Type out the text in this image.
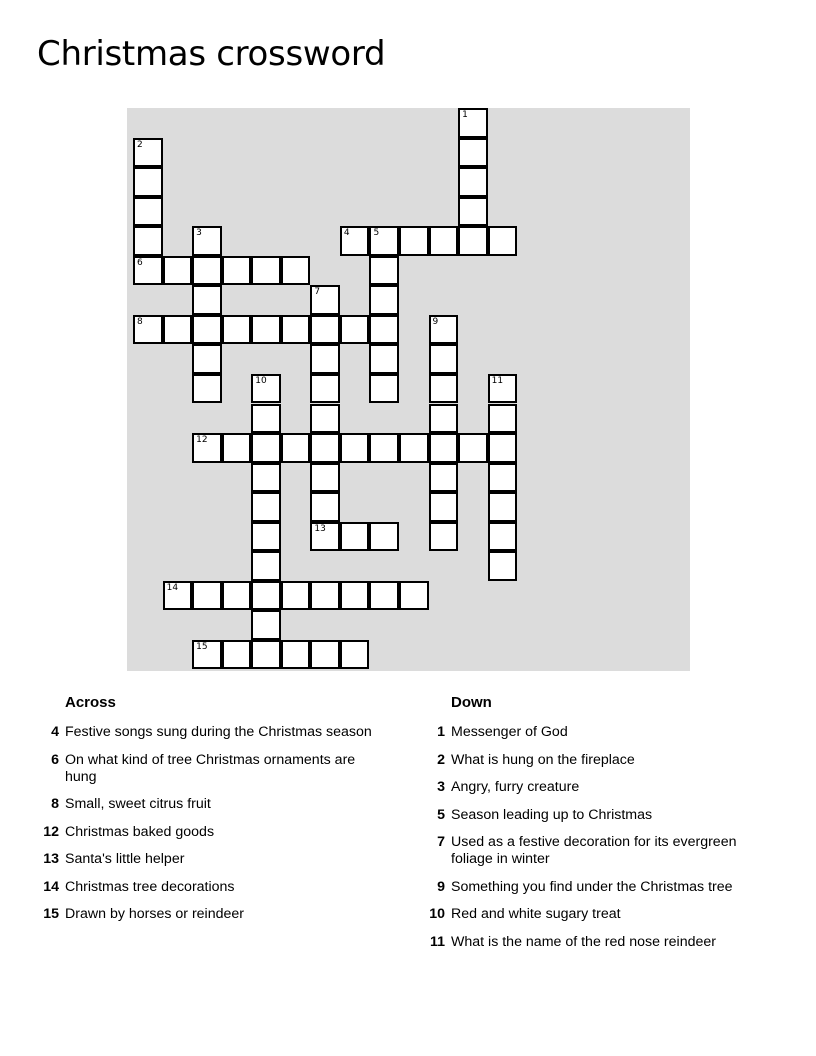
Christmas crossword
1
2
6
3	4	5
7
8	9
10	11
12
13
14
15
Across
4 Festive songs sung during the Christmas season
6 On what kind of tree Christmas ornaments are hung
8 Small, sweet citrus fruit
12 Christmas baked goods
13 Santa's little helper
14 Christmas tree decorations
15 Drawn by horses or reindeer
Down
1 Messenger of God
2 What is hung on the fireplace
3 Angry, furry creature
5 Season leading up to Christmas
7 Used as a festive decoration for its evergreen foliage in winter
9 Something you find under the Christmas tree
10 Red and white sugary treat
11 What is the name of the red nose reindeer
